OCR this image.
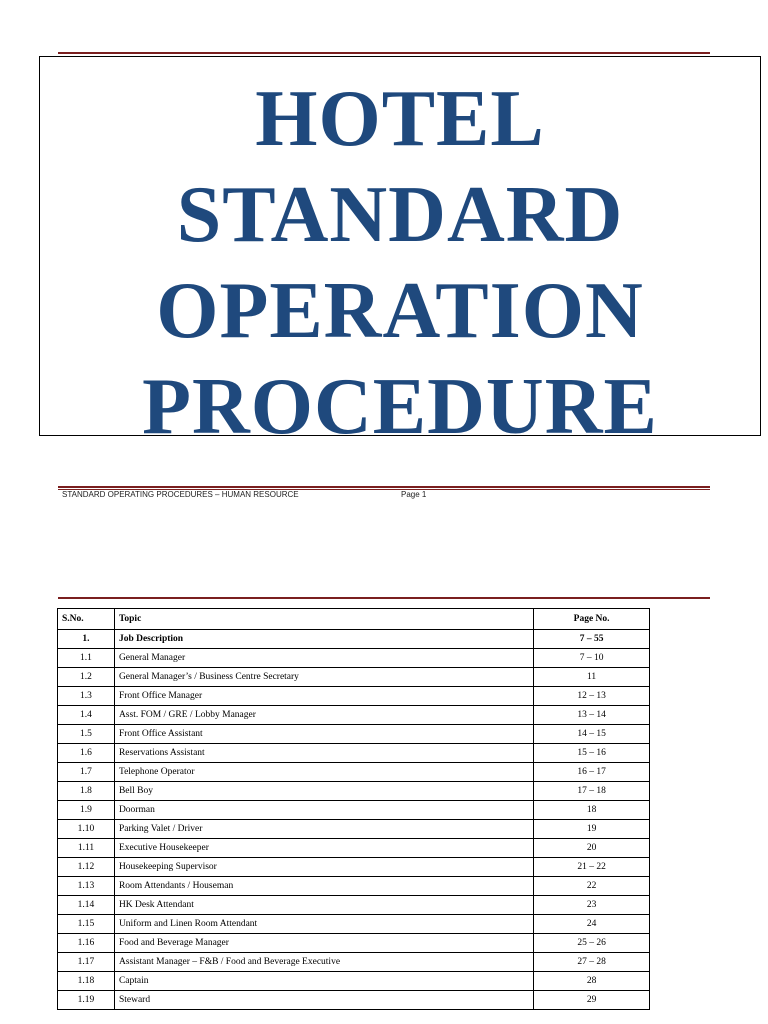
HOTEL
STANDARD
OPERATION
PROCEDURE
STANDARD OPERATING PROCEDURES – HUMAN RESOURCE	Page 1
S.No.	Topic	Page No.
1.	Job Description	7 – 55
1.1	General Manager	7 – 10
1.2	General Manager’s / Business Centre Secretary	11
1.3	Front Office Manager	12 – 13
1.4	Asst. FOM / GRE / Lobby Manager	13 – 14
1.5	Front Office Assistant	14 – 15
1.6	Reservations Assistant	15 – 16
1.7	Telephone Operator	16 – 17
1.8	Bell Boy	17 – 18
1.9	Doorman	18
1.10	Parking Valet / Driver	19
1.11	Executive Housekeeper	20
1.12	Housekeeping Supervisor	21 – 22
1.13	Room Attendants / Houseman	22
1.14	HK Desk Attendant	23
1.15	Uniform and Linen Room Attendant	24
1.16	Food and Beverage Manager	25 – 26
1.17	Assistant Manager – F&B / Food and Beverage Executive	27 – 28
1.18	Captain	28
1.19	Steward	29
